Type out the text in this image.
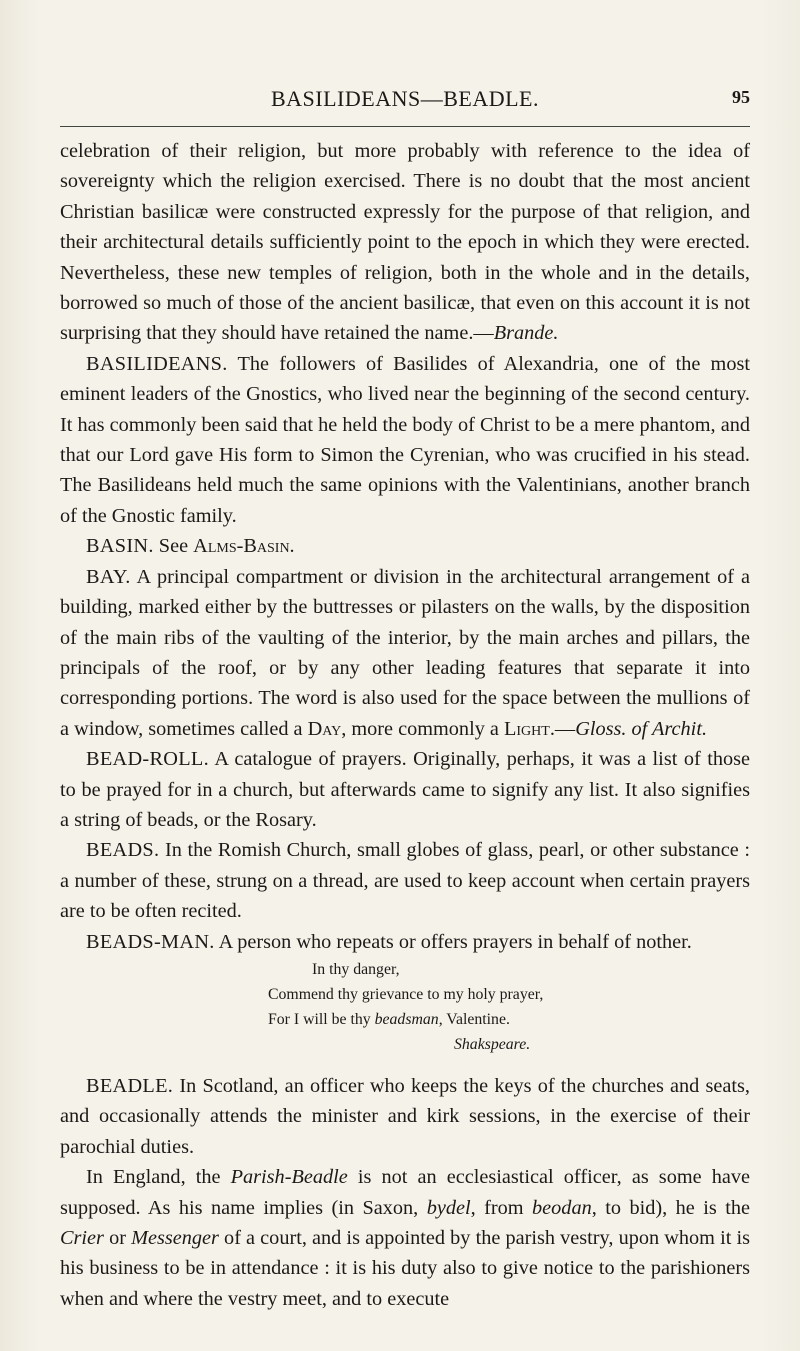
BASILIDEANS—BEADLE.	95

celebration of their religion, but more probably with reference to the idea of sovereignty which the religion exercised. There is no doubt that the most ancient Christian basilicæ were constructed expressly for the purpose of that religion, and their architectural details sufficiently point to the epoch in which they were erected. Nevertheless, these new temples of religion, both in the whole and in the details, borrowed so much of those of the ancient basilicæ, that even on this account it is not surprising that they should have retained the name.—Brande.

BASILIDEANS. The followers of Basilides of Alexandria, one of the most eminent leaders of the Gnostics, who lived near the beginning of the second century. It has commonly been said that he held the body of Christ to be a mere phantom, and that our Lord gave His form to Simon the Cyrenian, who was crucified in his stead. The Basilideans held much the same opinions with the Valentinians, another branch of the Gnostic family.

BASIN. See Alms-Basin.

BAY. A principal compartment or division in the architectural arrangement of a building, marked either by the buttresses or pilasters on the walls, by the disposition of the main ribs of the vaulting of the interior, by the main arches and pillars, the principals of the roof, or by any other leading features that separate it into corresponding portions. The word is also used for the space between the mullions of a window, sometimes called a Day, more commonly a Light.—Gloss. of Archit.

BEAD-ROLL. A catalogue of prayers. Originally, perhaps, it was a list of those to be prayed for in a church, but afterwards came to signify any list. It also signifies a string of beads, or the Rosary.

BEADS. In the Romish Church, small globes of glass, pearl, or other substance : a number of these, strung on a thread, are used to keep account when certain prayers are to be often recited.

BEADS-MAN. A person who repeats or offers prayers in behalf of nother.

In thy danger,
Commend thy grievance to my holy prayer,
For I will be thy beadsman, Valentine.
Shakspeare.

BEADLE. In Scotland, an officer who keeps the keys of the churches and seats, and occasionally attends the minister and kirk sessions, in the exercise of their parochial duties.

In England, the Parish-Beadle is not an ecclesiastical officer, as some have supposed. As his name implies (in Saxon, bydel, from beodan, to bid), he is the Crier or Messenger of a court, and is appointed by the parish vestry, upon whom it is his business to be in attendance : it is his duty also to give notice to the parishioners when and where the vestry meet, and to execute
